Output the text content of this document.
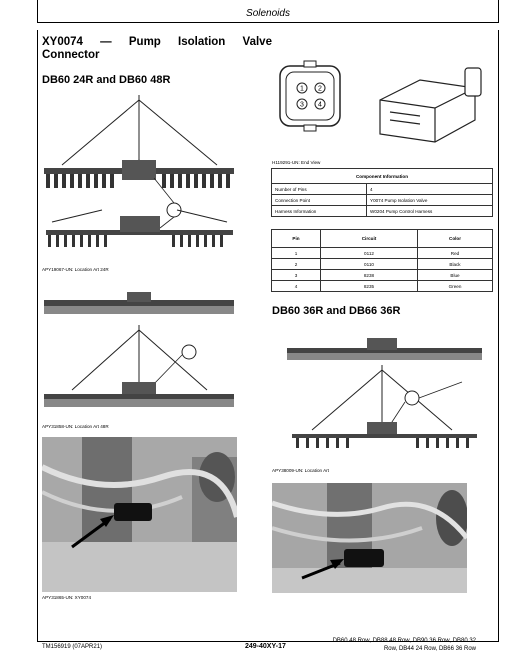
Solenoids
XY0074 — Pump Isolation Valve
Connector
DB60 24R and DB60 48R
APY19067-UN: Location Art 24R
APY31858-UN: Location Art 48R
APY31865-UN: XY0074
1 2
3 4
H119291-UN: End View
Component Information	
Number of Pins	4
Connection Point	Y0074 Pump Isolation Valve
Harness Information	W0204 Pump Control Harness
Pin	Circuit	Color
1	0112	Red
2	0110	Black
3	8238	Blue
4	8235	Green
DB60 36R and DB66 36R
APY38009-UN: Location Art
TM156919 (07APR21)	249-40XY-17
DB60 48 Row, DB88 48 Row, DB90 36 Row, DB80 32
Row, DB44 24 Row, DB66 36 Row
